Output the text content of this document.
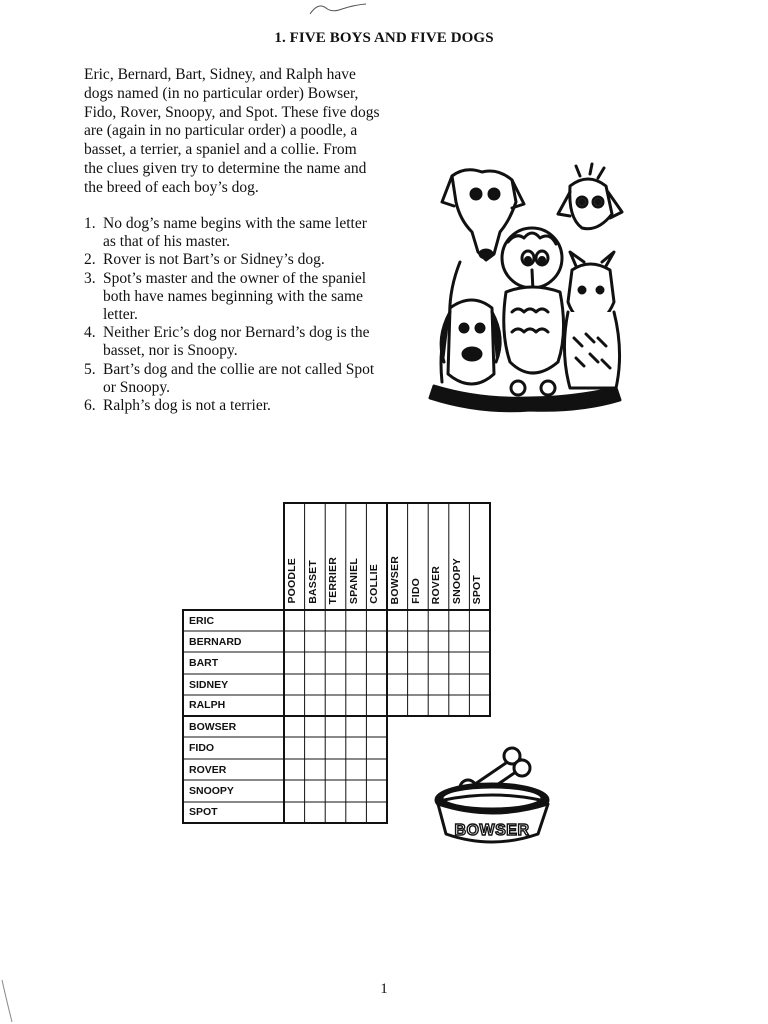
1. FIVE BOYS AND FIVE DOGS
Eric, Bernard, Bart, Sidney, and Ralph have
dogs named (in no particular order) Bowser,
Fido, Rover, Snoopy, and Spot. These five dogs
are (again in no particular order) a poodle, a
basset, a terrier, a spaniel and a collie. From
the clues given try to determine the name and
the breed of each boy’s dog.
1. No dog’s name begins with the same letter
as that of his master.
2. Rover is not Bart’s or Sidney’s dog.
3. Spot’s master and the owner of the spaniel
both have names beginning with the same
letter.
4. Neither Eric’s dog nor Bernard’s dog is the
basset, nor is Snoopy.
5. Bart’s dog and the collie are not called Spot
or Snoopy.
6. Ralph’s dog is not a terrier.
POODLE BASSET TERRIER SPANIEL COLLIE BOWSER FIDO ROVER SNOOPY SPOT
ERIC
BERNARD
BART
SIDNEY
RALPH
BOWSER
FIDO
ROVER
SNOOPY
SPOT
BOWSER
1
